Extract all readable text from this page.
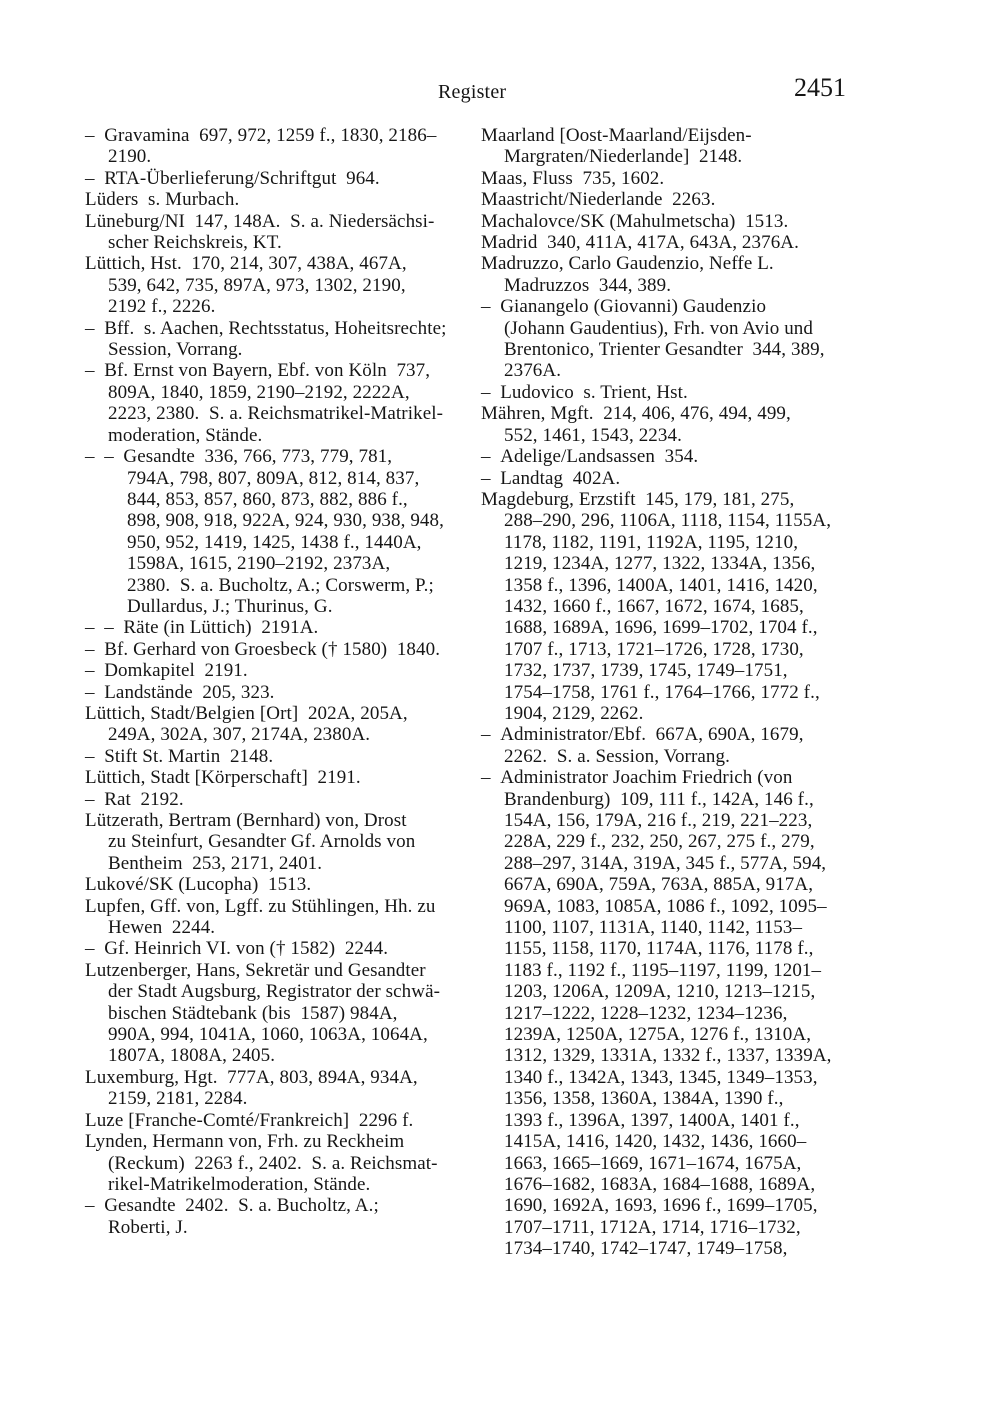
Register	2451
– Gravamina 697, 972, 1259 f., 1830, 2186–
2190.
– RTA-Überlieferung/Schriftgut 964.
Lüders s. Murbach.
Lüneburg/NI 147, 148A. S. a. Niedersächsi-
scher Reichskreis, KT.
Lüttich, Hst. 170, 214, 307, 438A, 467A,
539, 642, 735, 897A, 973, 1302, 2190,
2192 f., 2226.
– Bff. s. Aachen, Rechtsstatus, Hoheitsrechte;
Session, Vorrang.
– Bf. Ernst von Bayern, Ebf. von Köln 737,
809A, 1840, 1859, 2190–2192, 2222A,
2223, 2380. S. a. Reichsmatrikel-Matrikel-
moderation, Stände.
– – Gesandte 336, 766, 773, 779, 781,
794A, 798, 807, 809A, 812, 814, 837,
844, 853, 857, 860, 873, 882, 886 f.,
898, 908, 918, 922A, 924, 930, 938, 948,
950, 952, 1419, 1425, 1438 f., 1440A,
1598A, 1615, 2190–2192, 2373A,
2380. S. a. Bucholtz, A.; Corswerm, P.;
Dullardus, J.; Thurinus, G.
– – Räte (in Lüttich) 2191A.
– Bf. Gerhard von Groesbeck († 1580) 1840.
– Domkapitel 2191.
– Landstände 205, 323.
Lüttich, Stadt/Belgien [Ort] 202A, 205A,
249A, 302A, 307, 2174A, 2380A.
– Stift St. Martin 2148.
Lüttich, Stadt [Körperschaft] 2191.
– Rat 2192.
Lützerath, Bertram (Bernhard) von, Drost
zu Steinfurt, Gesandter Gf. Arnolds von
Bentheim 253, 2171, 2401.
Lukové/SK (Lucopha) 1513.
Lupfen, Gff. von, Lgff. zu Stühlingen, Hh. zu
Hewen 2244.
– Gf. Heinrich VI. von († 1582) 2244.
Lutzenberger, Hans, Sekretär und Gesandter
der Stadt Augsburg, Registrator der schwä-
bischen Städtebank (bis 1587) 984A,
990A, 994, 1041A, 1060, 1063A, 1064A,
1807A, 1808A, 2405.
Luxemburg, Hgt. 777A, 803, 894A, 934A,
2159, 2181, 2284.
Luze [Franche-Comté/Frankreich] 2296 f.
Lynden, Hermann von, Frh. zu Reckheim
(Reckum) 2263 f., 2402. S. a. Reichsmat-
rikel-Matrikelmoderation, Stände.
– Gesandte 2402. S. a. Bucholtz, A.;
Roberti, J.
Maarland [Oost-Maarland/Eijsden-
Margraten/Niederlande] 2148.
Maas, Fluss 735, 1602.
Maastricht/Niederlande 2263.
Machalovce/SK (Mahulmetscha) 1513.
Madrid 340, 411A, 417A, 643A, 2376A.
Madruzzo, Carlo Gaudenzio, Neffe L.
Madruzzos 344, 389.
– Gianangelo (Giovanni) Gaudenzio
(Johann Gaudentius), Frh. von Avio und
Brentonico, Trienter Gesandter 344, 389,
2376A.
– Ludovico s. Trient, Hst.
Mähren, Mgft. 214, 406, 476, 494, 499,
552, 1461, 1543, 2234.
– Adelige/Landsassen 354.
– Landtag 402A.
Magdeburg, Erzstift 145, 179, 181, 275,
288–290, 296, 1106A, 1118, 1154, 1155A,
1178, 1182, 1191, 1192A, 1195, 1210,
1219, 1234A, 1277, 1322, 1334A, 1356,
1358 f., 1396, 1400A, 1401, 1416, 1420,
1432, 1660 f., 1667, 1672, 1674, 1685,
1688, 1689A, 1696, 1699–1702, 1704 f.,
1707 f., 1713, 1721–1726, 1728, 1730,
1732, 1737, 1739, 1745, 1749–1751,
1754–1758, 1761 f., 1764–1766, 1772 f.,
1904, 2129, 2262.
– Administrator/Ebf. 667A, 690A, 1679,
2262. S. a. Session, Vorrang.
– Administrator Joachim Friedrich (von
Brandenburg) 109, 111 f., 142A, 146 f.,
154A, 156, 179A, 216 f., 219, 221–223,
228A, 229 f., 232, 250, 267, 275 f., 279,
288–297, 314A, 319A, 345 f., 577A, 594,
667A, 690A, 759A, 763A, 885A, 917A,
969A, 1083, 1085A, 1086 f., 1092, 1095–
1100, 1107, 1131A, 1140, 1142, 1153–
1155, 1158, 1170, 1174A, 1176, 1178 f.,
1183 f., 1192 f., 1195–1197, 1199, 1201–
1203, 1206A, 1209A, 1210, 1213–1215,
1217–1222, 1228–1232, 1234–1236,
1239A, 1250A, 1275A, 1276 f., 1310A,
1312, 1329, 1331A, 1332 f., 1337, 1339A,
1340 f., 1342A, 1343, 1345, 1349–1353,
1356, 1358, 1360A, 1384A, 1390 f.,
1393 f., 1396A, 1397, 1400A, 1401 f.,
1415A, 1416, 1420, 1432, 1436, 1660–
1663, 1665–1669, 1671–1674, 1675A,
1676–1682, 1683A, 1684–1688, 1689A,
1690, 1692A, 1693, 1696 f., 1699–1705,
1707–1711, 1712A, 1714, 1716–1732,
1734–1740, 1742–1747, 1749–1758,
